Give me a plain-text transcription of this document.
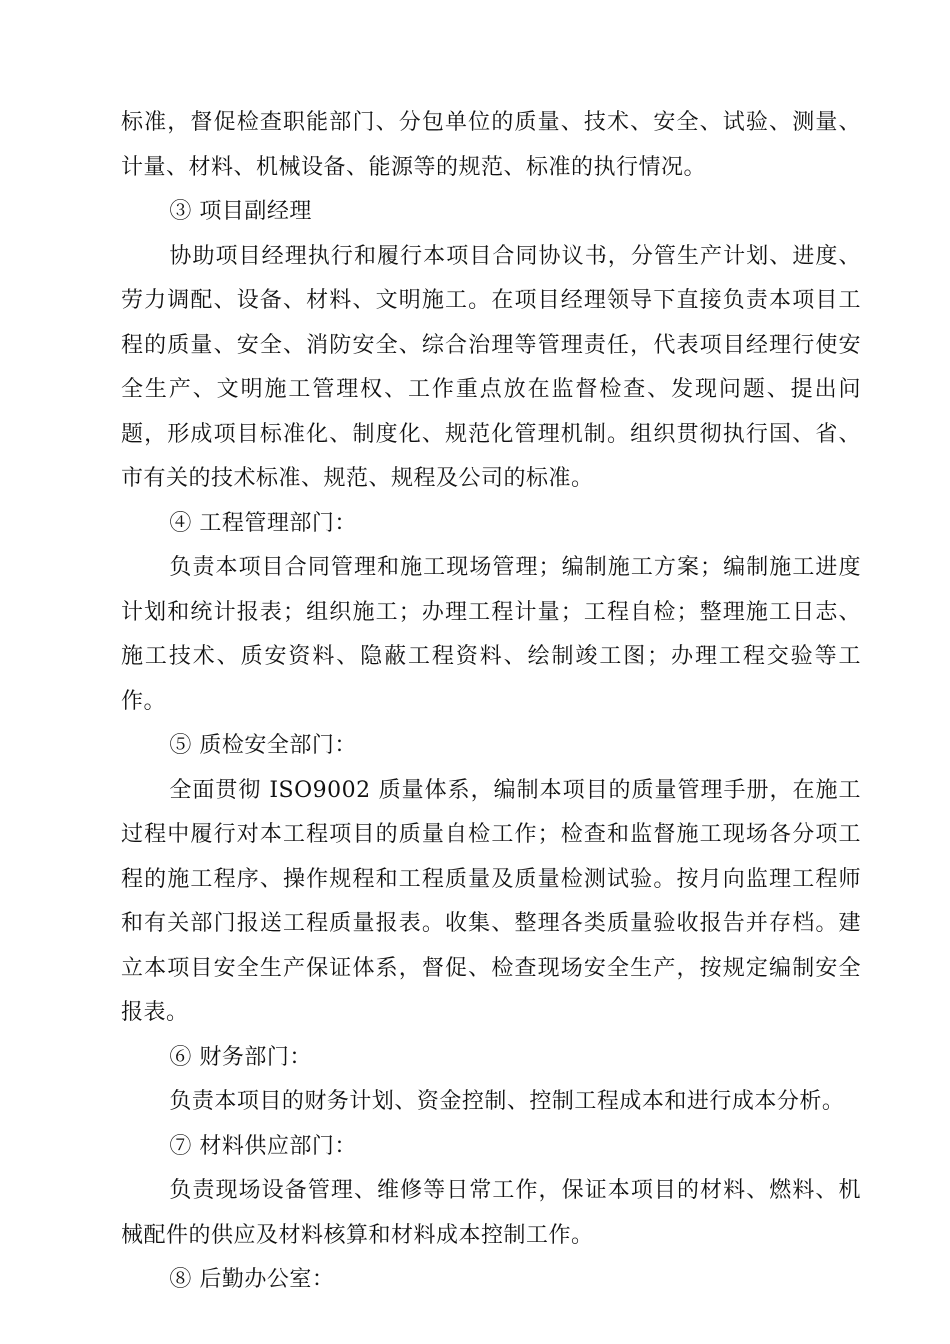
标准，督促检查职能部门、分包单位的质量、技术、安全、试验、测量、计量、材料、机械设备、能源等的规范、标准的执行情况。

③ 项目副经理

协助项目经理执行和履行本项目合同协议书，分管生产计划、进度、劳力调配、设备、材料、文明施工。在项目经理领导下直接负责本项目工程的质量、安全、消防安全、综合治理等管理责任，代表项目经理行使安全生产、文明施工管理权、工作重点放在监督检查、发现问题、提出问题，形成项目标准化、制度化、规范化管理机制。组织贯彻执行国、省、市有关的技术标准、规范、规程及公司的标准。

④ 工程管理部门：

负责本项目合同管理和施工现场管理；编制施工方案；编制施工进度计划和统计报表；组织施工；办理工程计量；工程自检；整理施工日志、施工技术、质安资料、隐蔽工程资料、绘制竣工图；办理工程交验等工作。

⑤ 质检安全部门：

全面贯彻 ISO9002 质量体系，编制本项目的质量管理手册，在施工过程中履行对本工程项目的质量自检工作；检查和监督施工现场各分项工程的施工程序、操作规程和工程质量及质量检测试验。按月向监理工程师和有关部门报送工程质量报表。收集、整理各类质量验收报告并存档。建立本项目安全生产保证体系，督促、检查现场安全生产，按规定编制安全报表。

⑥ 财务部门：

负责本项目的财务计划、资金控制、控制工程成本和进行成本分析。

⑦ 材料供应部门：

负责现场设备管理、维修等日常工作，保证本项目的材料、燃料、机械配件的供应及材料核算和材料成本控制工作。

⑧ 后勤办公室：
